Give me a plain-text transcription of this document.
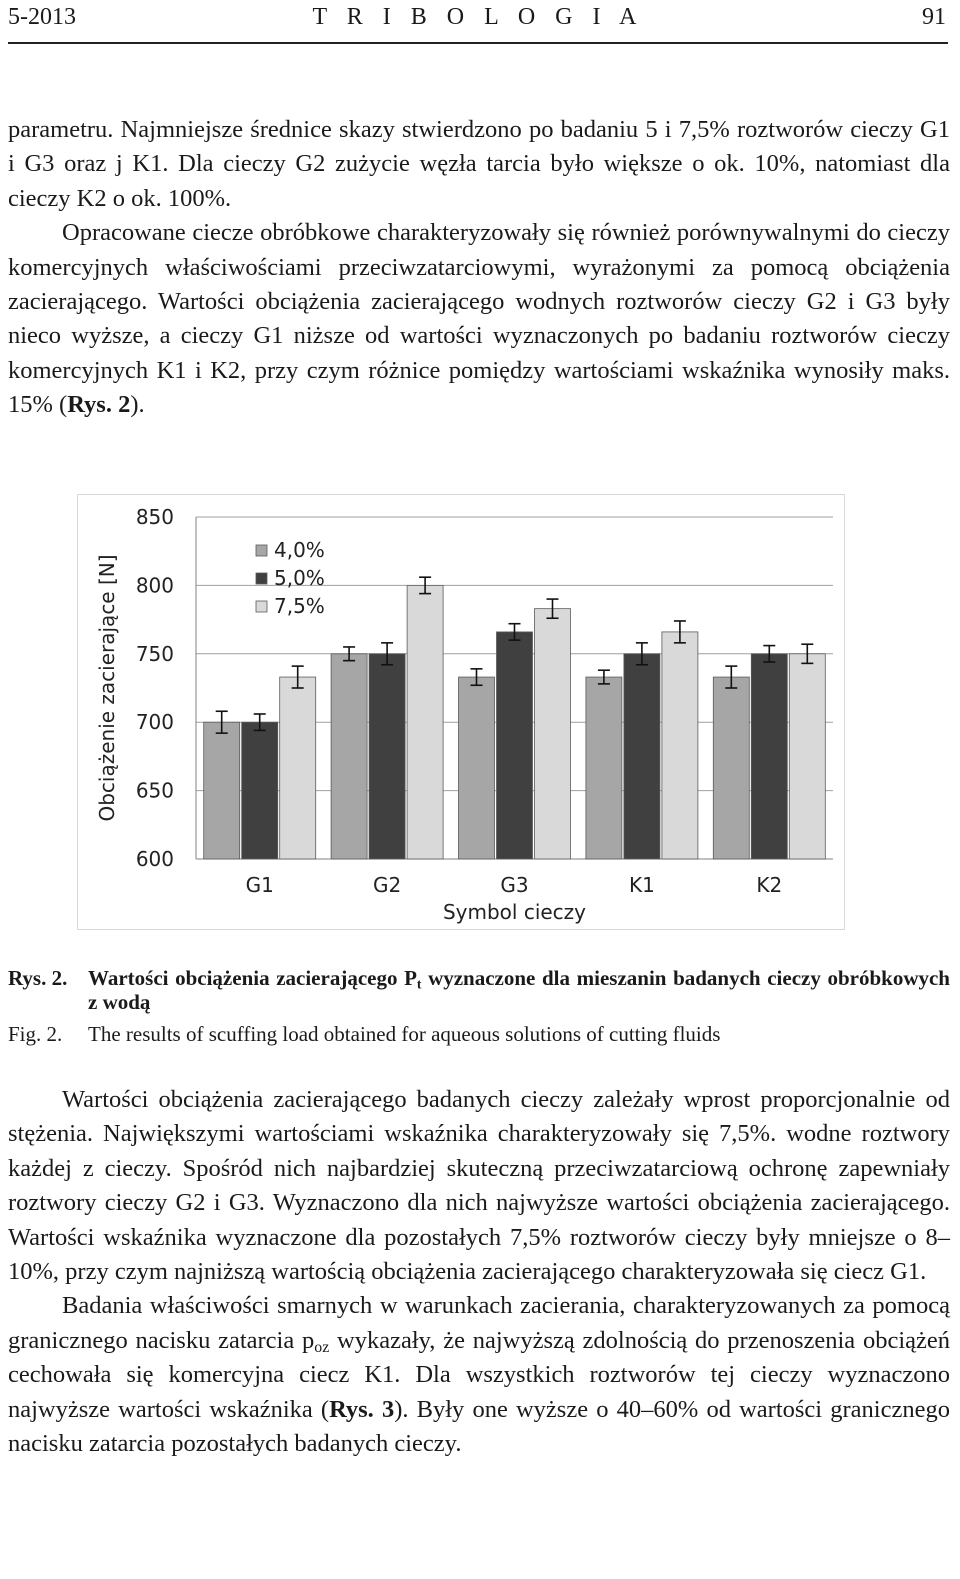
5-2013	T R I B O L O G I A	91

parametru. Najmniejsze średnice skazy stwierdzono po badaniu 5 i 7,5% roztworów cieczy G1 i G3 oraz j K1. Dla cieczy G2 zużycie węzła tarcia było większe o ok. 10%, natomiast dla cieczy K2 o ok. 100%.

Opracowane ciecze obróbkowe charakteryzowały się również porównywalnymi do cieczy komercyjnych właściwościami przeciwzatarciowymi, wyrażonymi za pomocą obciążenia zacierającego. Wartości obciążenia zacierającego wodnych roztworów cieczy G2 i G3 były nieco wyższe, a cieczy G1 niższe od wartości wyznaczonych po badaniu roztworów cieczy komercyjnych K1 i K2, przy czym różnice pomiędzy wartościami wskaźnika wynosiły maks. 15% (Rys. 2).

600
650
700
750
800
850
G1	G2	G3	K1	K2
Symbol cieczy
Obciążenie zacierające [N]
4,0%
5,0%
7,5%
Rys. 2. Wartości obciążenia zacierającego $P_t$ wyznaczone dla mieszanin badanych cieczy obróbkowych z wodą
Fig. 2. The results of scuffing load obtained for aqueous solutions of cutting fluids

Wartości obciążenia zacierającego badanych cieczy zależały wprost proporcjonalnie od stężenia. Największymi wartościami wskaźnika charakteryzowały się 7,5%. wodne roztwory każdej z cieczy. Spośród nich najbardziej skuteczną przeciwzatarciową ochronę zapewniały roztwory cieczy G2 i G3. Wyznaczono dla nich najwyższe wartości obciążenia zacierającego. Wartości wskaźnika wyznaczone dla pozostałych 7,5% roztworów cieczy były mniejsze o 8–10%, przy czym najniższą wartością obciążenia zacierającego charakteryzowała się ciecz G1.

Badania właściwości smarnych w warunkach zacierania, charakteryzowanych za pomocą granicznego nacisku zatarcia $p_{oz}$ wykazały, że najwyższą zdolnością do przenoszenia obciążeń cechowała się komercyjna ciecz K1. Dla wszystkich roztworów tej cieczy wyznaczono najwyższe wartości wskaźnika (Rys. 3). Były one wyższe o 40–60% od wartości granicznego nacisku zatarcia pozostałych badanych cieczy.
